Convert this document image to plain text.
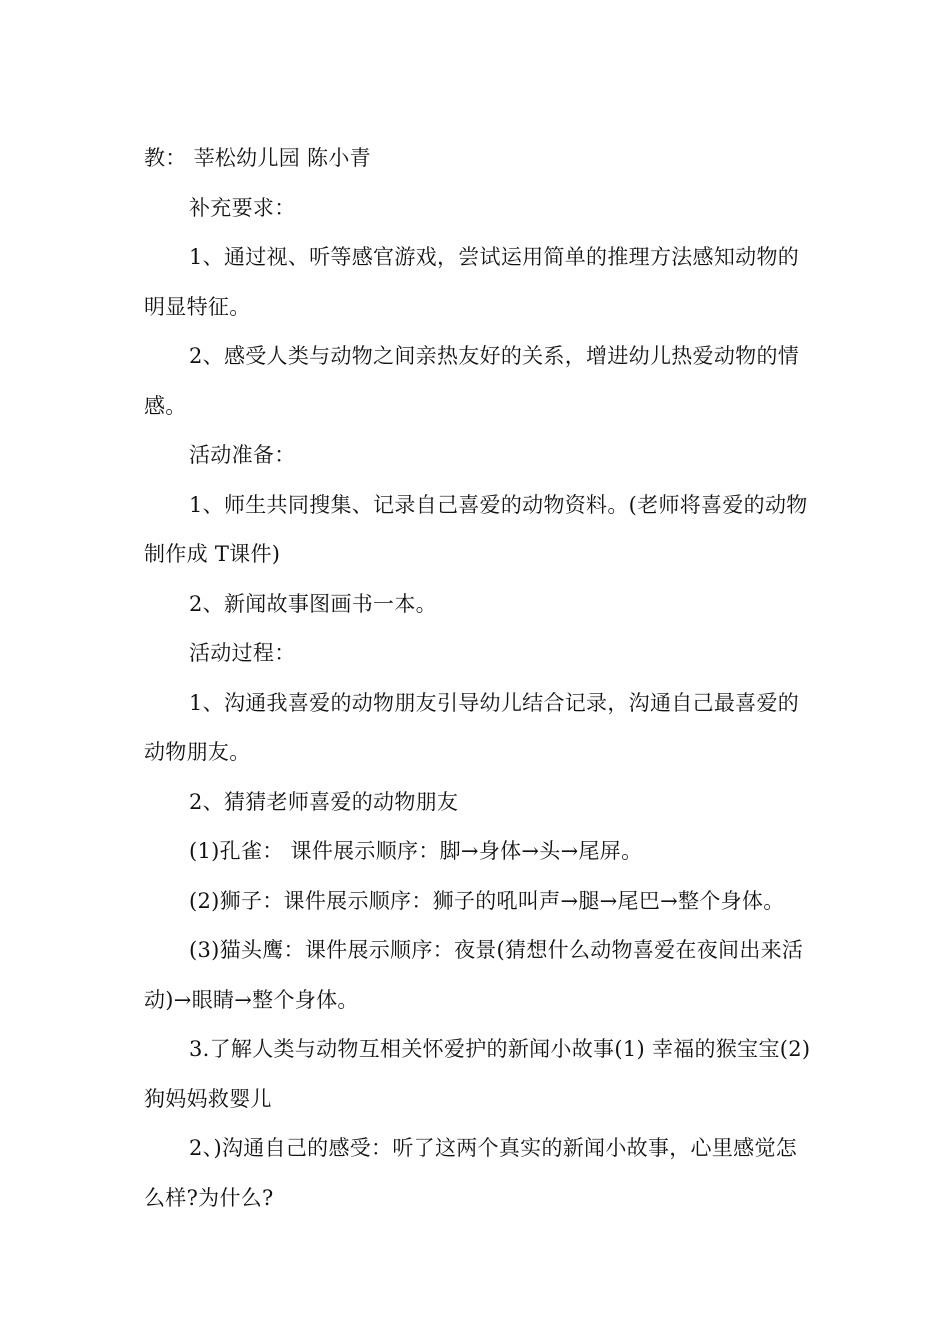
教： 莘松幼儿园 陈小青

补充要求：

1、通过视、听等感官游戏，尝试运用简单的推理方法感知动物的明显特征。

2、感受人类与动物之间亲热友好的关系，增进幼儿热爱动物的情感。

活动准备：

1、师生共同搜集、记录自己喜爱的动物资料。(老师将喜爱的动物制作成 T课件)

2、新闻故事图画书一本。

活动过程：

1、沟通我喜爱的动物朋友引导幼儿结合记录，沟通自己最喜爱的动物朋友。

2、猜猜老师喜爱的动物朋友

(1)孔雀： 课件展示顺序：脚→身体→头→尾屏。

(2)狮子：课件展示顺序：狮子的吼叫声→腿→尾巴→整个身体。

(3)猫头鹰：课件展示顺序：夜景(猜想什么动物喜爱在夜间出来活动)→眼睛→整个身体。

3.了解人类与动物互相关怀爱护的新闻小故事(1) 幸福的猴宝宝(2) 狗妈妈救婴儿

2、)沟通自己的感受：听了这两个真实的新闻小故事，心里感觉怎么样?为什么?
